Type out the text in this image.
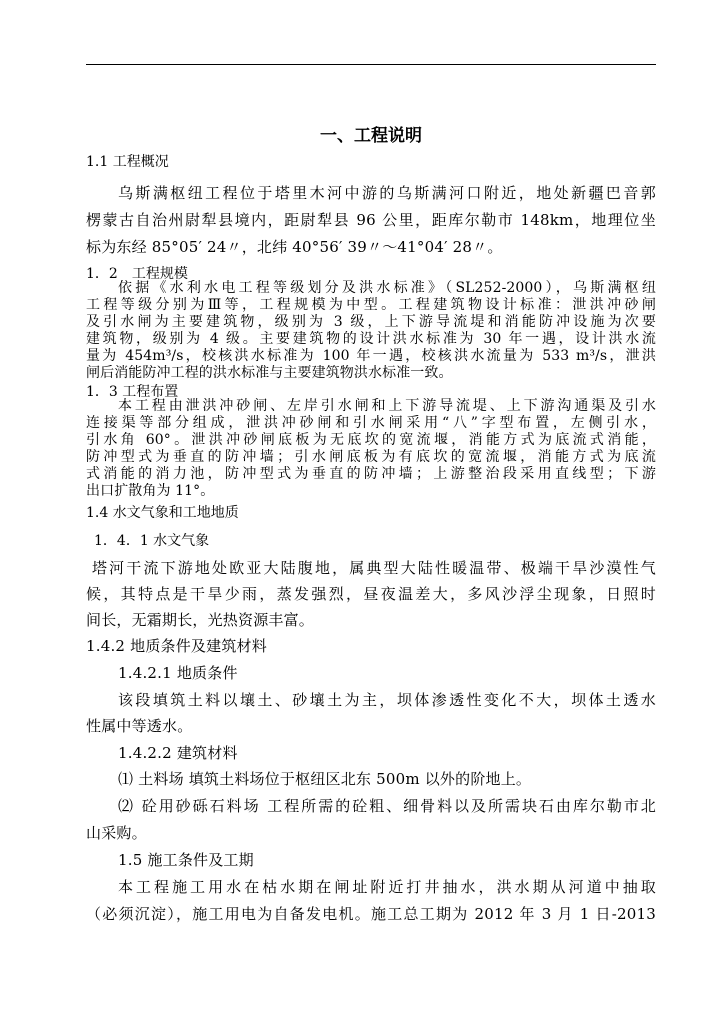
一、工程说明
1.1 工程概况
乌斯满枢纽工程位于塔里木河中游的乌斯满河口附近，地处新疆巴音郭
楞蒙古自治州尉犁县境内，距尉犁县 96 公里，距库尔勒市 148km，地理位坐
标为东经 85°05′ 24〃，北纬 40°56′ 39〃～41°04′ 28〃。
1．2　工程规模
依据《水利水电工程等级划分及洪水标准》（SL252-2000），乌斯满枢纽
工程等级分别为Ⅲ等，工程规模为中型。工程建筑物设计标准：泄洪冲砂闸
及引水闸为主要建筑物，级别为 3 级，上下游导流堤和消能防冲设施为次要
建筑物，级别为 4 级。主要建筑物的设计洪水标准为 30 年一遇，设计洪水流
量为 454m³/s，校核洪水标准为 100 年一遇，校核洪水流量为 533 m³/s，泄洪
闸后消能防冲工程的洪水标准与主要建筑物洪水标准一致。
1．3 工程布置
本工程由泄洪冲砂闸、左岸引水闸和上下游导流堤、上下游沟通渠及引水
连接渠等部分组成，泄洪冲砂闸和引水闸采用“八”字型布置，左侧引水，
引水角 60°。泄洪冲砂闸底板为无底坎的宽流堰，消能方式为底流式消能，
防冲型式为垂直的防冲墙；引水闸底板为有底坎的宽流堰，消能方式为底流
式消能的消力池，防冲型式为垂直的防冲墙；上游整治段采用直线型；下游
出口扩散角为 11°。
1.4 水文气象和工地地质
1．4．1 水文气象
塔河干流下游地处欧亚大陆腹地，属典型大陆性暖温带、极端干旱沙漠性气
候，其特点是干旱少雨，蒸发强烈，昼夜温差大，多风沙浮尘现象，日照时
间长，无霜期长，光热资源丰富。
1.4.2 地质条件及建筑材料
1.4.2.1 地质条件
该段填筑土料以壤土、砂壤土为主，坝体渗透性变化不大，坝体土透水
性属中等透水。
1.4.2.2 建筑材料
⑴ 土料场 填筑土料场位于枢纽区北东 500m 以外的阶地上。
⑵ 砼用砂砾石料场 工程所需的砼粗、细骨料以及所需块石由库尔勒市北
山采购。
1.5 施工条件及工期
本工程施工用水在枯水期在闸址附近打井抽水，洪水期从河道中抽取
（必须沉淀），施工用电为自备发电机。施工总工期为 2012 年 3 月 1 日-2013
